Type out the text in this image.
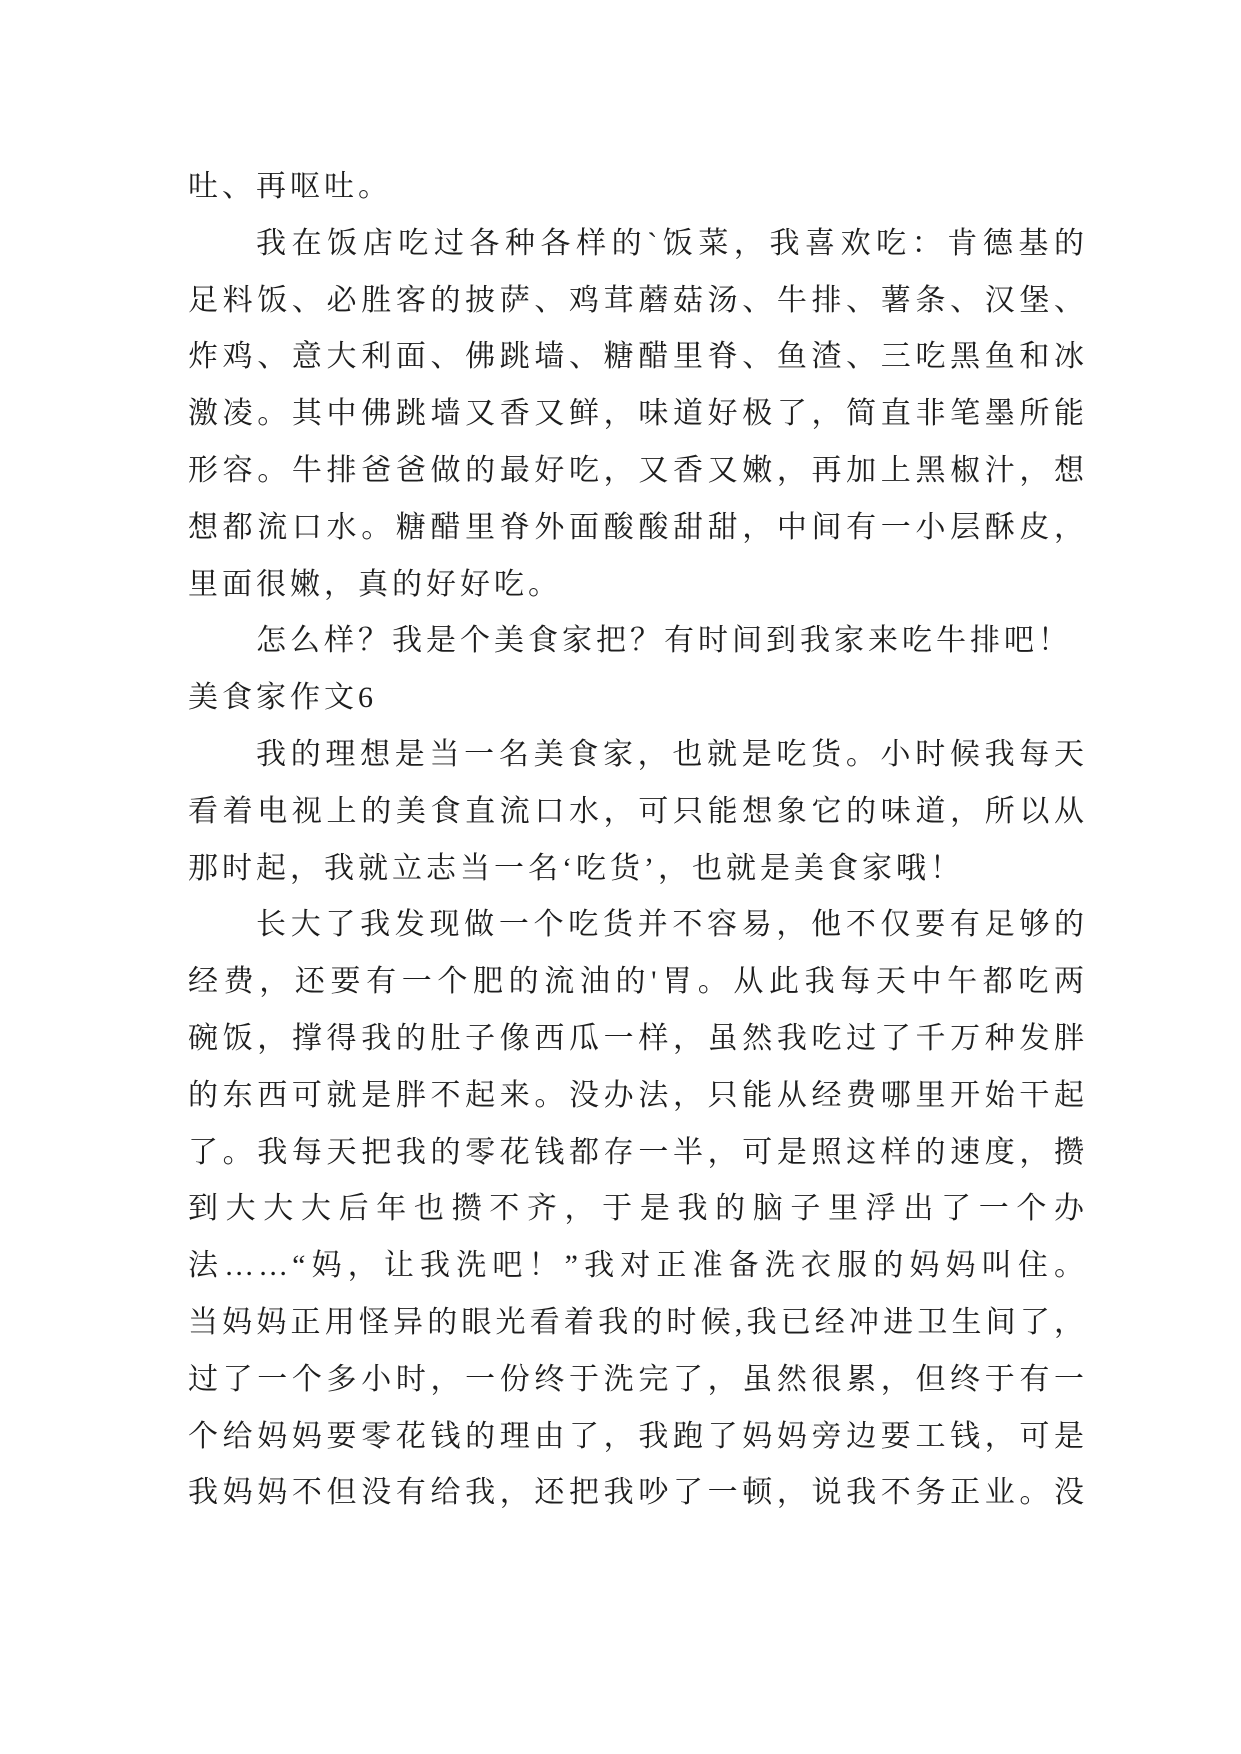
吐、再呕吐。
我在饭店吃过各种各样的`饭菜，我喜欢吃：肯德基的
足料饭、必胜客的披萨、鸡茸蘑菇汤、牛排、薯条、汉堡、
炸鸡、意大利面、佛跳墙、糖醋里脊、鱼渣、三吃黑鱼和冰
激凌。其中佛跳墙又香又鲜，味道好极了，简直非笔墨所能
形容。牛排爸爸做的最好吃，又香又嫩，再加上黑椒汁，想
想都流口水。糖醋里脊外面酸酸甜甜，中间有一小层酥皮，
里面很嫩，真的好好吃。
怎么样？我是个美食家把？有时间到我家来吃牛排吧！
美食家作文6
我的理想是当一名美食家，也就是吃货。小时候我每天
看着电视上的美食直流口水，可只能想象它的味道，所以从
那时起，我就立志当一名‘吃货’，也就是美食家哦！
长大了我发现做一个吃货并不容易，他不仅要有足够的
经费，还要有一个肥的流油的'胃。从此我每天中午都吃两
碗饭，撑得我的肚子像西瓜一样，虽然我吃过了千万种发胖
的东西可就是胖不起来。没办法，只能从经费哪里开始干起
了。我每天把我的零花钱都存一半，可是照这样的速度，攒
到大大大后年也攒不齐，于是我的脑子里浮出了一个办
法……“妈，让我洗吧！”我对正准备洗衣服的妈妈叫住。
当妈妈正用怪异的眼光看着我的时候,我已经冲进卫生间了，
过了一个多小时，一份终于洗完了，虽然很累，但终于有一
个给妈妈要零花钱的理由了，我跑了妈妈旁边要工钱，可是
我妈妈不但没有给我，还把我吵了一顿，说我不务正业。没
